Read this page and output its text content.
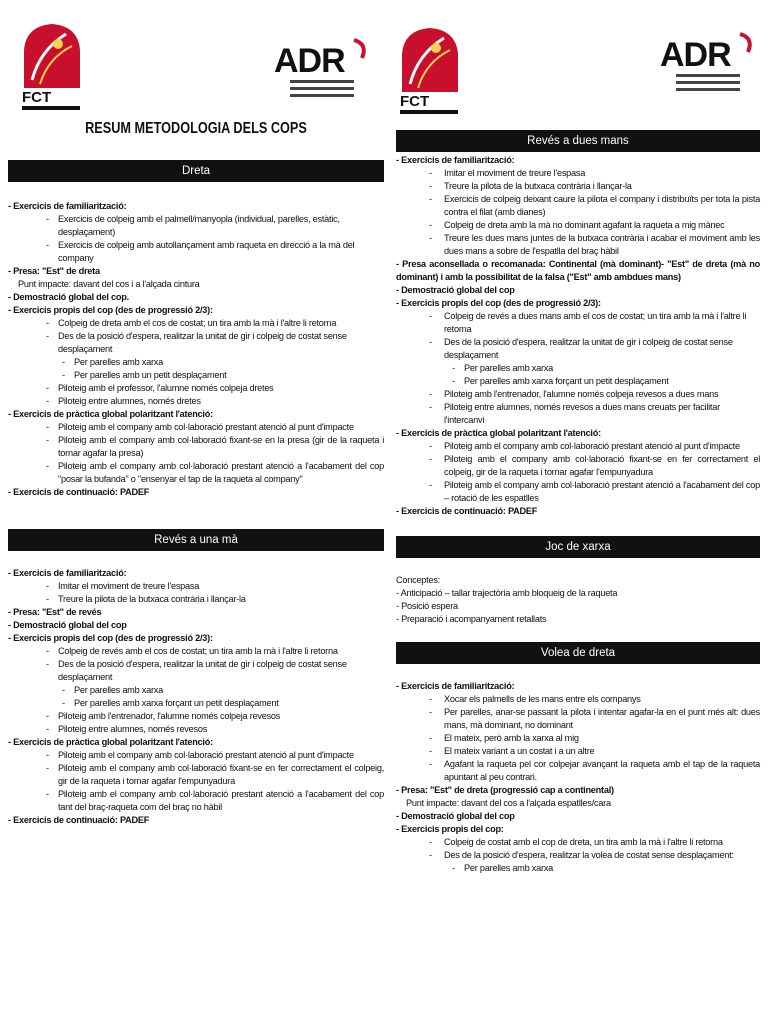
FCT
ADR
RESUM METODOLOGIA DELS COPS
Dreta
- Exercicis de familiarització:
- Exercicis de colpeig amb el palmell/manyopla (individual, parelles, estàtic, desplaçament)
- Exercicis de colpeig amb autollançament amb raqueta en direcció a la mà del company
- Presa: "Est" de dreta
Punt impacte: davant del cos i a l'alçada cintura
- Demostració global del cop.
- Exercicis propis del cop (des de progressió 2/3):
- Colpeig de dreta amb el cos de costat; un tira amb la mà i l'altre li retorna
- Des de la posició d'espera, realitzar la unitat de gir i colpeig de costat sense desplaçament
- Per parelles amb xarxa
- Per parelles amb un petit desplaçament
- Piloteig amb el professor, l'alumne només colpeja dretes
- Piloteig entre alumnes, només dretes
- Exercicis de pràctica global polaritzant l'atenció:
- Piloteig amb el company amb col·laboració prestant atenció al punt d'impacte
- Piloteig amb el company amb col·laboració fixant-se en la presa (gir de la raqueta i tornar agafar la presa)
- Piloteig amb el company amb col·laboració prestant atenció a l'acabament del cop "posar la bufanda" o "ensenyar el tap de la raqueta al company"
- Exercicis de continuació: PADEF
Revés a una mà
- Exercicis de familiarització:
- Imitar el moviment de treure l'espasa
- Treure la pilota de la butxaca contrària i llançar-la
- Presa: "Est" de revés
- Demostració global del cop
- Exercicis propis del cop (des de progressió 2/3):
- Colpeig de revés amb el cos de costat; un tira amb la mà i l'altre li retorna
- Des de la posició d'espera, realitzar la unitat de gir i colpeig de costat sense desplaçament
- Per parelles amb xarxa
- Per parelles amb xarxa forçant un petit desplaçament
- Piloteig amb l'entrenador, l'alumne només colpeja revesos
- Piloteig entre alumnes, només revesos
- Exercicis de pràctica global polaritzant l'atenció:
- Piloteig amb el company amb col·laboració prestant atenció al punt d'impacte
- Piloteig amb el company amb col·laboració fixant-se en fer correctament el colpeig, gir de la raqueta i tornar agafar l'empunyadura
- Piloteig amb el company amb col·laboració prestant atenció a l'acabament del cop tant del braç-raqueta com del braç no hàbil
- Exercicis de continuació: PADEF
FCT
ADR
Revés a dues mans
- Exercicis de familiarització:
- Imitar el moviment de treure l'espasa
- Treure la pilota de la butxaca contrària i llançar-la
- Exercicis de colpeig deixant caure la pilota el company i distribuïts per tota la pista contra el filat (amb dianes)
- Colpeig de dreta amb la mà no dominant agafant la raqueta a mig mànec
- Treure les dues mans juntes de la butxaca contrària i acabar el moviment amb les dues mans a sobre de l'espatlla del braç hàbil
- Presa aconsellada o recomanada: Continental (mà dominant)- "Est" de dreta (mà no dominant) i amb la possibilitat de la falsa ("Est" amb ambdues mans)
- Demostració global del cop
- Exercicis propis del cop (des de progressió 2/3):
- Colpeig de revés a dues mans amb el cos de costat; un tira amb la mà i l'altre li retorna
- Des de la posició d'espera, realitzar la unitat de gir i colpeig de costat sense desplaçament
- Per parelles amb xarxa
- Per parelles amb xarxa forçant un petit desplaçament
- Piloteig amb l'entrenador, l'alumne només colpeja revesos a dues mans
- Piloteig entre alumnes, només revesos a dues mans creuats per facilitar l'intercanvi
- Exercicis de pràctica global polaritzant l'atenció:
- Piloteig amb el company amb col·laboració prestant atenció al punt d'impacte
- Piloteig amb el company amb col·laboració fixant-se en fer correctament el colpeig, gir de la raqueta i tornar agafar l'empunyadura
- Piloteig amb el company amb col·laboració prestant atenció a l'acabament del cop – rotació de les espatlles
- Exercicis de continuació: PADEF
Joc de xarxa
Conceptes:
- Anticipació – tallar trajectòria amb bloqueig de la raqueta
- Posició espera
- Preparació i acompanyament retallats
Volea de dreta
- Exercicis de familiarització:
- Xocar els palmells de les mans entre els companys
- Per parelles, anar-se passant la pilota i intentar agafar-la en el punt més alt: dues mans, mà dominant, no dominant
- El mateix, però amb la xarxa al mig
- El mateix variant a un costat i a un altre
- Agafant la raqueta pel cor colpejar avançant la raqueta amb el tap de la raqueta apuntant al peu contrari.
- Presa: "Est" de dreta (progressió cap a continental)
Punt impacte: davant del cos a l'alçada espatlles/cara
- Demostració global del cop
- Exercicis propis del cop:
- Colpeig de costat amb el cop de dreta, un tira amb la mà i l'altre li retorna
- Des de la posició d'espera, realitzar la volea de costat sense desplaçament:
- Per parelles amb xarxa
